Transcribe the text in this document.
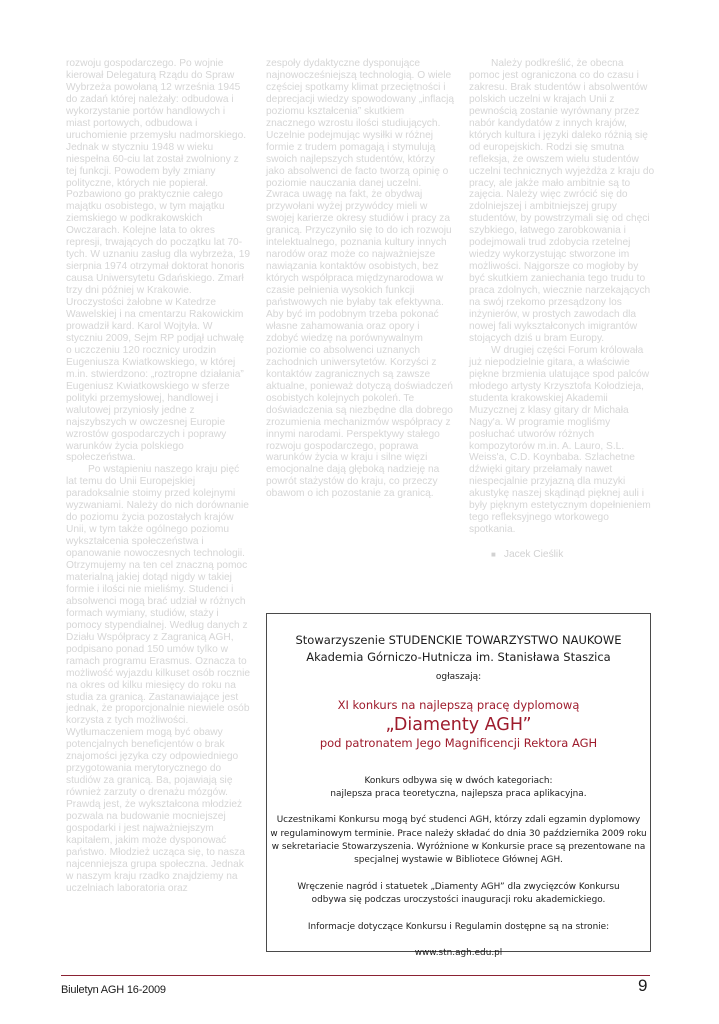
rozwoju gospodarczego. Po wojnie kierował Delegaturą Rządu do Spraw Wybrzeża powołaną 12 września 1945 do zadań której należały: odbudowa i wykorzystanie portów handlowych i miast portowych, odbudowa i uruchomienie przemysłu nadmorskiego. Jednak w styczniu 1948 w wieku niespełna 60-ciu lat został zwolniony z tej funkcji. Powodem były zmiany polityczne, których nie popierał. Pozbawiono go praktycznie całego majątku osobistego, w tym majątku ziemskiego w podkrakowskich Owczarach. Kolejne lata to okres represji, trwających do początku lat 70-tych. W uznaniu zasług dla wybrzeża, 19 sierpnia 1974 otrzymał doktorat honoris causa Uniwersytetu Gdańskiego. Zmarł trzy dni później w Krakowie. Uroczystości żałobne w Katedrze Wawelskiej i na cmentarzu Rakowickim prowadził kard. Karol Wojtyła. W styczniu 2009, Sejm RP podjął uchwałę o uczczeniu 120 rocznicy urodzin Eugeniusza Kwiatkowskiego, w której m.in. stwierdzono: „roztropne działania” Eugeniusz Kwiatkowskiego w sferze polityki przemysłowej, handlowej i walutowej przyniosły jedne z najszybszych w owczesnej Europie wzrostów gospodarczych i poprawy warunków życia polskiego społeczeństwa.

Po wstąpieniu naszego kraju pięć lat temu do Unii Europejskiej paradoksalnie stoimy przed kolejnymi wyzwaniami. Należy do nich dorównanie do poziomu życia pozostałych krajów Unii, w tym także ogólnego poziomu wykształcenia społeczeństwa i opanowanie nowoczesnych technologii. Otrzymujemy na ten cel znaczną pomoc materialną jakiej dotąd nigdy w takiej formie i ilości nie mieliśmy. Studenci i absolwenci mogą brać udział w różnych formach wymiany, studiów, staży i pomocy stypendialnej. Według danych z Działu Współpracy z Zagranicą AGH, podpisano ponad 150 umów tylko w ramach programu Erasmus. Oznacza to możliwość wyjazdu kilkuset osób rocznie na okres od kilku miesięcy do roku na studia za granicą. Zastanawiające jest jednak, że proporcjonalnie niewiele osób korzysta z tych możliwości. Wytłumaczeniem mogą być obawy potencjalnych beneficjentów o brak znajomości języka czy odpowiedniego przygotowania merytorycznego do studiów za granicą. Ba, pojawiają się również zarzuty o drenażu mózgów. Prawdą jest, że wykształcona młodzież pozwala na budowanie mocniejszej gospodarki i jest najważniejszym kapitałem, jakim może dysponować państwo. Młodzież ucząca się, to nasza najcenniejsza grupa społeczna. Jednak w naszym kraju rzadko znajdziemy na uczelniach laboratoria oraz

zespoły dydaktyczne dysponujące najnowocześniejszą technologią. O wiele częściej spotkamy klimat przeciętności i deprecjacji wiedzy spowodowany „inflacją poziomu kształcenia” skutkiem znacznego wzrostu ilości studiujących. Uczelnie podejmując wysiłki w różnej formie z trudem pomagają i stymulują swoich najlepszych studentów, którzy jako absolwenci de facto tworzą opinię o poziomie nauczania danej uczelni. Zwraca uwagę na fakt, że obydwaj przywołani wyżej przywódcy mieli w swojej karierze okresy studiów i pracy za granicą. Przyczyniło się to do ich rozwoju intelektualnego, poznania kultury innych narodów oraz może co najważniejsze nawiązania kontaktów osobistych, bez których współpraca międzynarodowa w czasie pełnienia wysokich funkcji państwowych nie byłaby tak efektywna. Aby być im podobnym trzeba pokonać własne zahamowania oraz opory i zdobyć wiedzę na porównywalnym poziomie co absolwenci uznanych zachodnich uniwersytetów. Korzyści z kontaktów zagranicznych są zawsze aktualne, ponieważ dotyczą doświadczeń osobistych kolejnych pokoleń. Te doświadczenia są niezbędne dla dobrego zrozumienia mechanizmów współpracy z innymi narodami. Perspektywy stałego rozwoju gospodarczego, poprawa warunków życia w kraju i silne więzi emocjonalne dają głęboką nadzieję na powrót stażystów do kraju, co przeczy obawom o ich pozostanie za granicą.

Należy podkreślić, że obecna pomoc jest ograniczona co do czasu i zakresu. Brak studentów i absolwentów polskich uczelni w krajach Unii z pewnością zostanie wyrównany przez nabór kandydatów z innych krajów, których kultura i języki daleko różnią się od europejskich. Rodzi się smutna refleksja, że owszem wielu studentów uczelni technicznych wyjeżdża z kraju do pracy, ale jakże mało ambitnie są to zajęcia. Należy więc zwrócić się do zdolniejszej i ambitniejszej grupy studentów, by powstrzymali się od chęci szybkiego, łatwego zarobkowania i podejmowali trud zdobycia rzetelnej wiedzy wykorzystując stworzone im możliwości. Najgorsze co mogłoby by być skutkiem zaniechania tego trudu to praca zdolnych, wiecznie narzekających na swój rzekomo przesądzony los inżynierów, w prostych zawodach dla nowej fali wykształconych imigrantów stojących dziś u bram Europy.

W drugiej części Forum królowała już niepodzielnie gitara, a właściwie piękne brzmienia ulatujące spod palców młodego artysty Krzysztofa Kołodzieja, studenta krakowskiej Akademii Muzycznej z klasy gitary dr Michała Nagy'a. W programie mogliśmy posłuchać utworów różnych kompozytorów m.in. A. Lauro, S.L. Weiss'a, C.D. Koynbaba. Szlachetne dźwięki gitary przełamały nawet niespecjalnie przyjazną dla muzyki akustykę naszej skądinąd pięknej auli i były pięknym estetycznym dopełnieniem tego refleksyjnego wtorkowego spotkania.

■ Jacek Cieślik

Stowarzyszenie STUDENCKIE TOWARZYSTWO NAUKOWE
Akademia Górniczo-Hutnicza im. Stanisława Staszica
ogłaszają:
XI konkurs na najlepszą pracę dyplomową
„Diamenty AGH”
pod patronatem Jego Magnificencji Rektora AGH
Konkurs odbywa się w dwóch kategoriach:
najlepsza praca teoretyczna, najlepsza praca aplikacyjna.
Uczestnikami Konkursu mogą być studenci AGH, którzy zdali egzamin dyplomowy
w regulaminowym terminie. Prace należy składać do dnia 30 października 2009 roku
w sekretariacie Stowarzyszenia. Wyróżnione w Konkursie prace są prezentowane na
specjalnej wystawie w Bibliotece Głównej AGH.
Wręczenie nagród i statuetek „Diamenty AGH” dla zwycięzców Konkursu
odbywa się podczas uroczystości inauguracji roku akademickiego.
Informacje dotyczące Konkursu i Regulamin dostępne są na stronie:
www.stn.agh.edu.pl
Biuletyn AGH 16-2009	9
